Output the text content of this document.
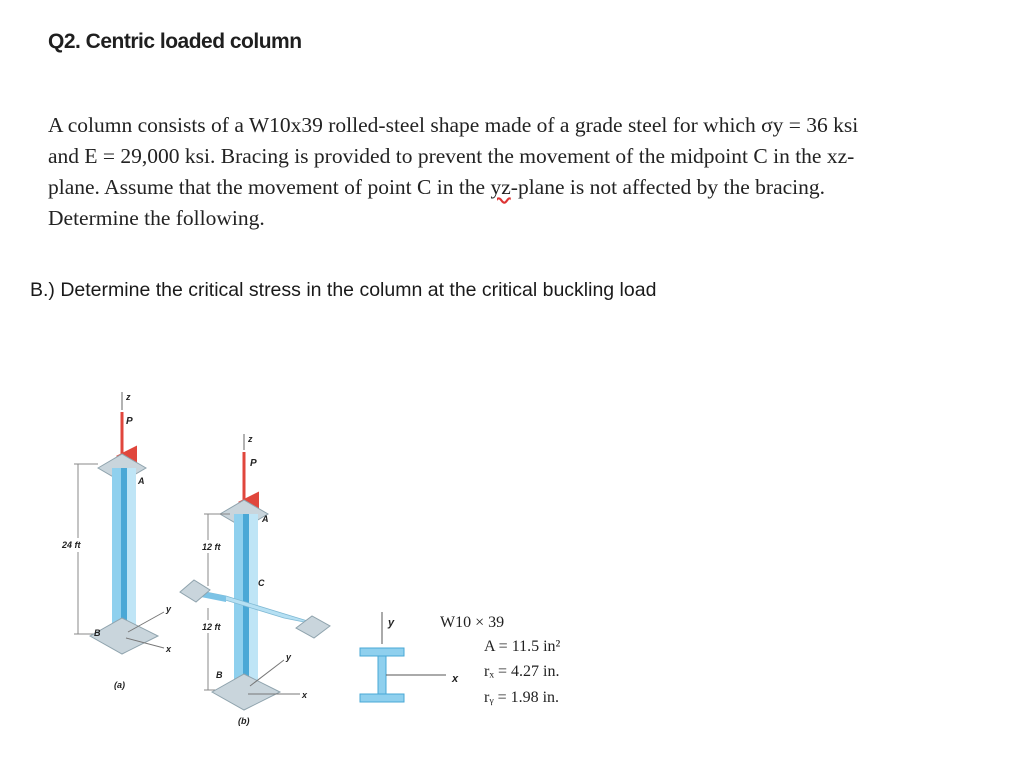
Q2. Centric loaded column

A column consists of a W10x39 rolled-steel shape made of a grade steel for which σy = 36 ksi
and E = 29,000 ksi. Bracing is provided to prevent the movement of the midpoint C in the xz-
plane. Assume that the movement of point C in the yz-plane is not affected by the bracing.
Determine the following.

B.) Determine the critical stress in the column at the critical buckling load

z
P
A
24 ft
y
B
x
(a)
z
P
A
C
12 ft
12 ft
y
B
x
(b)
y
x
W10 × 39
A = 11.5 in²
rₓ = 4.27 in.
rᵧ = 1.98 in.
